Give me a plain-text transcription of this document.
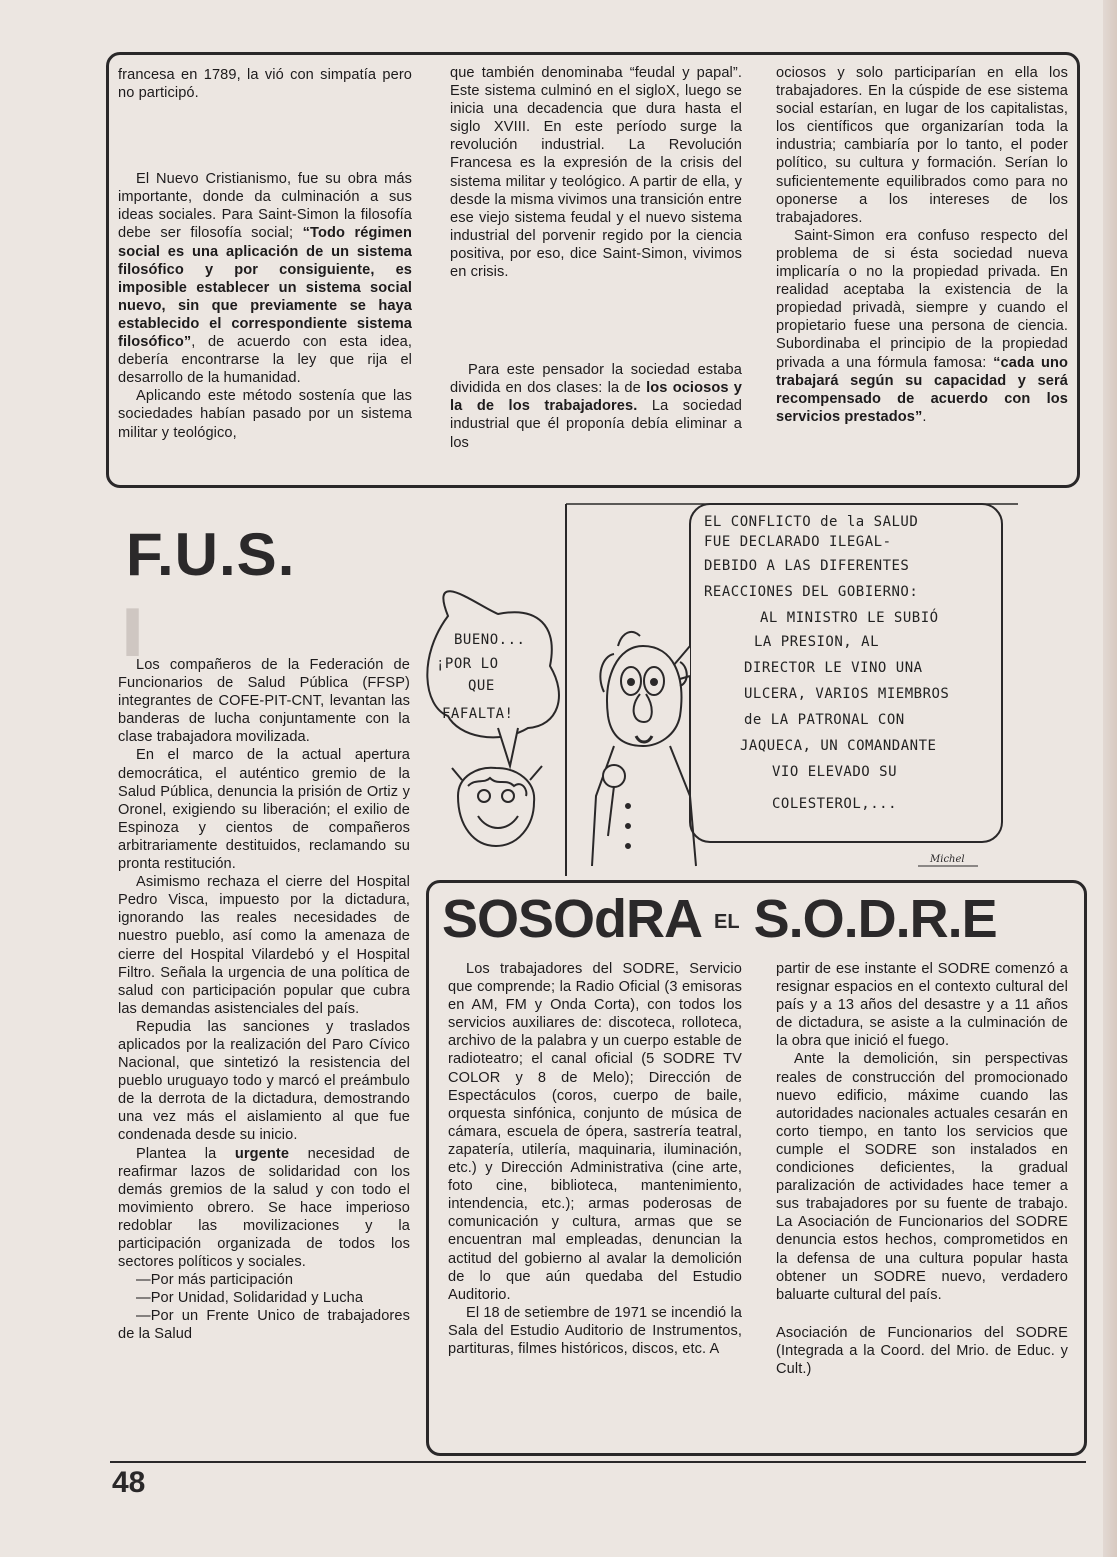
ı

francesa en 1789, la vió con simpatía pero no participó.

El Nuevo Cristianismo, fue su obra más importante, donde da culminación a sus ideas sociales. Para Saint-Simon la filosofía debe ser filosofía social; “Todo régimen social es una aplicación de un sistema filosófico y por consiguiente, es imposible establecer un sistema social nuevo, sin que previamente se haya establecido el correspondiente sistema filosófico”, de acuerdo con esta idea, debería encontrarse la ley que rija el desarrollo de la humanidad.

Aplicando este método sostenía que las sociedades habían pasado por un sistema militar y teológico,

que también denominaba “feudal y papal”. Este sistema culminó en el sigloX, luego se inicia una decadencia que dura hasta el siglo XVIII. En este período surge la revolución industrial. La Revolución Francesa es la expresión de la crisis del sistema militar y teológico. A partir de ella, y desde la misma vivimos una transición entre ese viejo sistema feudal y el nuevo sistema industrial del porvenir regido por la ciencia positiva, por eso, dice Saint-Simon, vivimos en crisis.

Para este pensador la sociedad estaba dividida en dos clases: la de los ociosos y la de los trabajadores. La sociedad industrial que él proponía debía eliminar a los

ociosos y solo participarían en ella los trabajadores. En la cúspide de ese sistema social estarían, en lugar de los capitalistas, los científicos que organizarían toda la industria; cambiaría por lo tanto, el poder político, su cultura y formación. Serían lo suficientemente equilibrados como para no oponerse a los intereses de los trabajadores.

Saint-Simon era confuso respecto del problema de si ésta sociedad nueva implicaría o no la propiedad privada. En realidad aceptaba la existencia de la propiedad privadà, siempre y cuando el propietario fuese una persona de ciencia. Subordinaba el principio de la propiedad privada a una fórmula famosa: “cada uno trabajará según su capacidad y será recompensado de acuerdo con los servicios prestados”.

F.U.S.

Los compañeros de la Federación de Funcionarios de Salud Pública (FFSP) integrantes de COFE-PIT-CNT, levantan las banderas de lucha conjuntamente con la clase trabajadora movilizada.

En el marco de la actual apertura democrática, el auténtico gremio de la Salud Pública, denuncia la prisión de Ortiz y Oronel, exigiendo su liberación; el exilio de Espinoza y cientos de compañeros arbitrariamente destituidos, reclamando su pronta restitución.

Asimismo rechaza el cierre del Hospital Pedro Visca, impuesto por la dictadura, ignorando las reales necesidades de nuestro pueblo, así como la amenaza de cierre del Hospital Vilardebó y el Hospital Filtro. Señala la urgencia de una política de salud con participación popular que cubra las demandas asistenciales del país.

Repudia las sanciones y traslados aplicados por la realización del Paro Cívico Nacional, que sintetizó la resistencia del pueblo uruguayo todo y marcó el preámbulo de la derrota de la dictadura, demostrando una vez más el aislamiento al que fue condenada desde su inicio.

Plantea la urgente necesidad de reafirmar lazos de solidaridad con los demás gremios de la salud y con todo el movimiento obrero. Se hace imperioso redoblar las movilizaciones y la participación organizada de todos los sectores políticos y sociales.

—Por más participación

—Por Unidad, Solidaridad y Lucha

—Por un Frente Unico de trabajadores de la Salud

BUENO...
¡POR LO
QUE
FAFALTA!
EL CONFLICTO de la SALUD
FUE DECLARADO ILEGAL-
DEBIDO A LAS DIFERENTES
REACCIONES DEL GOBIERNO:
AL MINISTRO LE SUBIÓ
LA PRESION, AL
DIRECTOR LE VINO UNA
ULCERA, VARIOS MIEMBROS
de LA PATRONAL CON
JAQUECA, UN COMANDANTE
VIO ELEVADO SU
COLESTEROL,...
Michel
SOSOdRA EL S.O.D.R.E

Los trabajadores del SODRE, Servicio que comprende; la Radio Oficial (3 emisoras en AM, FM y Onda Corta), con todos los servicios auxiliares de: discoteca, rolloteca, archivo de la palabra y un cuerpo estable de radioteatro; el canal oficial (5 SODRE TV COLOR y 8 de Melo); Dirección de Espectáculos (coros, cuerpo de baile, orquesta sinfónica, conjunto de música de cámara, escuela de ópera, sastrería teatral, zapatería, utilería, maquinaria, iluminación, etc.) y Dirección Administrativa (cine arte, foto cine, biblioteca, mantenimiento, intendencia, etc.); armas poderosas de comunicación y cultura, armas que se encuentran mal empleadas, denuncian la actitud del gobierno al avalar la demolición de lo que aún quedaba del Estudio Auditorio.

El 18 de setiembre de 1971 se incendió la Sala del Estudio Auditorio de Instrumentos, partituras, filmes históricos, discos, etc. A

partir de ese instante el SODRE comenzó a resignar espacios en el contexto cultural del país y a 13 años del desastre y a 11 años de dictadura, se asiste a la culminación de la obra que inició el fuego.

Ante la demolición, sin perspectivas reales de construcción del promocionado nuevo edificio, máxime cuando las autoridades nacionales actuales cesarán en corto tiempo, en tanto los servicios que cumple el SODRE son instalados en condiciones deficientes, la gradual paralización de actividades hace temer a sus trabajadores por su fuente de trabajo. La Asociación de Funcionarios del SODRE denuncia estos hechos, comprometidos en la defensa de una cultura popular hasta obtener un SODRE nuevo, verdadero baluarte cultural del país.

Asociación de Funcionarios del SODRE (Integrada a la Coord. del Mrio. de Educ. y Cult.)

48
